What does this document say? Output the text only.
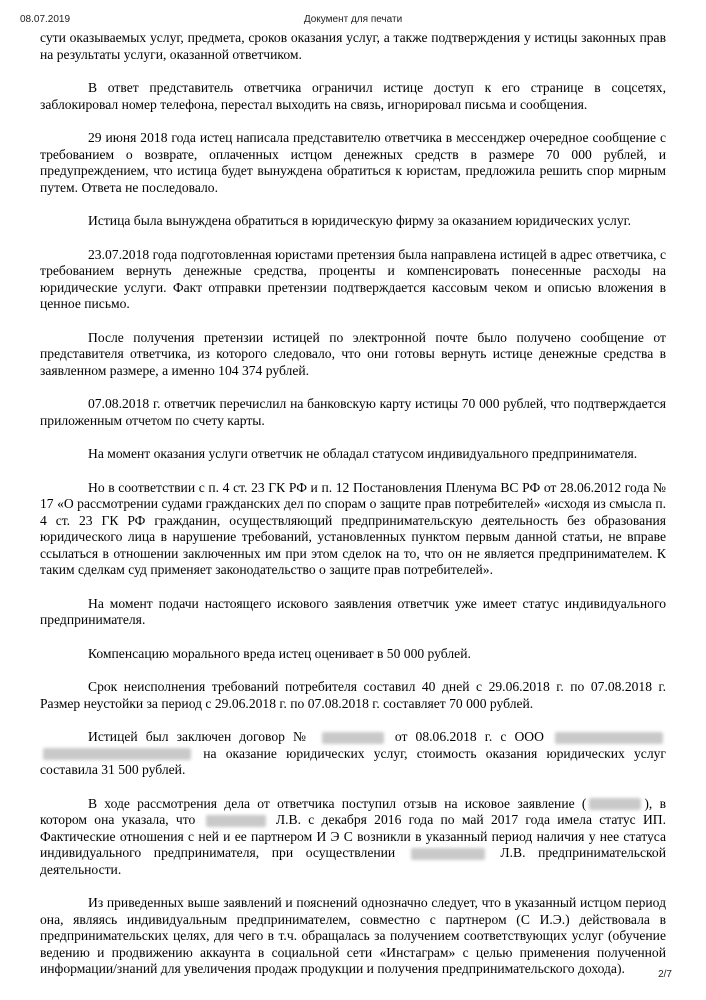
08.07.2019	Документ для печати

сути оказываемых услуг, предмета, сроков оказания услуг, а также подтверждения у истицы законных прав на результаты услуги, оказанной ответчиком.

В ответ представитель ответчика ограничил истице доступ к его странице в соцсетях, заблокировал номер телефона, перестал выходить на связь, игнорировал письма и сообщения.

29 июня 2018 года истец написала представителю ответчика в мессенджер очередное сообщение с требованием о возврате, оплаченных истцом денежных средств в размере 70 000 рублей, и предупреждением, что истица будет вынуждена обратиться к юристам, предложила решить спор мирным путем. Ответа не последовало.

Истица была вынуждена обратиться в юридическую фирму за оказанием юридических услуг.

23.07.2018 года подготовленная юристами претензия была направлена истицей в адрес ответчика, с требованием вернуть денежные средства, проценты и компенсировать понесенные расходы на юридические услуги. Факт отправки претензии подтверждается кассовым чеком и описью вложения в ценное письмо.

После получения претензии истицей по электронной почте было получено сообщение от представителя ответчика, из которого следовало, что они готовы вернуть истице денежные средства в заявленном размере, а именно 104 374 рублей.

07.08.2018 г. ответчик перечислил на банковскую карту истицы 70 000 рублей, что подтверждается приложенным отчетом по счету карты.

На момент оказания услуги ответчик не обладал статусом индивидуального предпринимателя.

Но в соответствии с п. 4 ст. 23 ГК РФ и п. 12 Постановления Пленума ВС РФ от 28.06.2012 года № 17 «О рассмотрении судами гражданских дел по спорам о защите прав потребителей» «исходя из смысла п. 4 ст. 23 ГК РФ гражданин, осуществляющий предпринимательскую деятельность без образования юридического лица в нарушение требований, установленных пунктом первым данной статьи, не вправе ссылаться в отношении заключенных им при этом сделок на то, что он не является предпринимателем. К таким сделкам суд применяет законодательство о защите прав потребителей».

На момент подачи настоящего искового заявления ответчик уже имеет статус индивидуального предпринимателя.

Компенсацию морального вреда истец оценивает в 50 000 рублей.

Срок неисполнения требований потребителя составил 40 дней с 29.06.2018 г. по 07.08.2018 г. Размер неустойки за период с 29.06.2018 г. по 07.08.2018 г. составляет 70 000 рублей.

Истицей был заключен договор №	от 08.06.2018 г. с ООО   на оказание юридических услуг, стоимость оказания юридических услуг составила 31 500 рублей.

В ходе рассмотрения дела от ответчика поступил отзыв на исковое заявление (	), в котором она указала, что	Л.В. с декабря 2016 года по май 2017 года имела статус ИП. Фактические отношения с ней и ее партнером И Э С возникли в указанный период наличия у нее статуса индивидуального предпринимателя, при осуществлении	Л.В. предпринимательской деятельности.

Из приведенных выше заявлений и пояснений однозначно следует, что в указанный истцом период она, являясь индивидуальным предпринимателем, совместно с партнером (С И.Э.) действовала в предпринимательских целях, для чего в т.ч. обращалась за получением соответствующих услуг (обучение ведению и продвижению аккаунта в социальной сети «Инстаграм» с целью применения полученной информации/знаний для увеличения продаж продукции и получения предпринимательского дохода).	2/7
